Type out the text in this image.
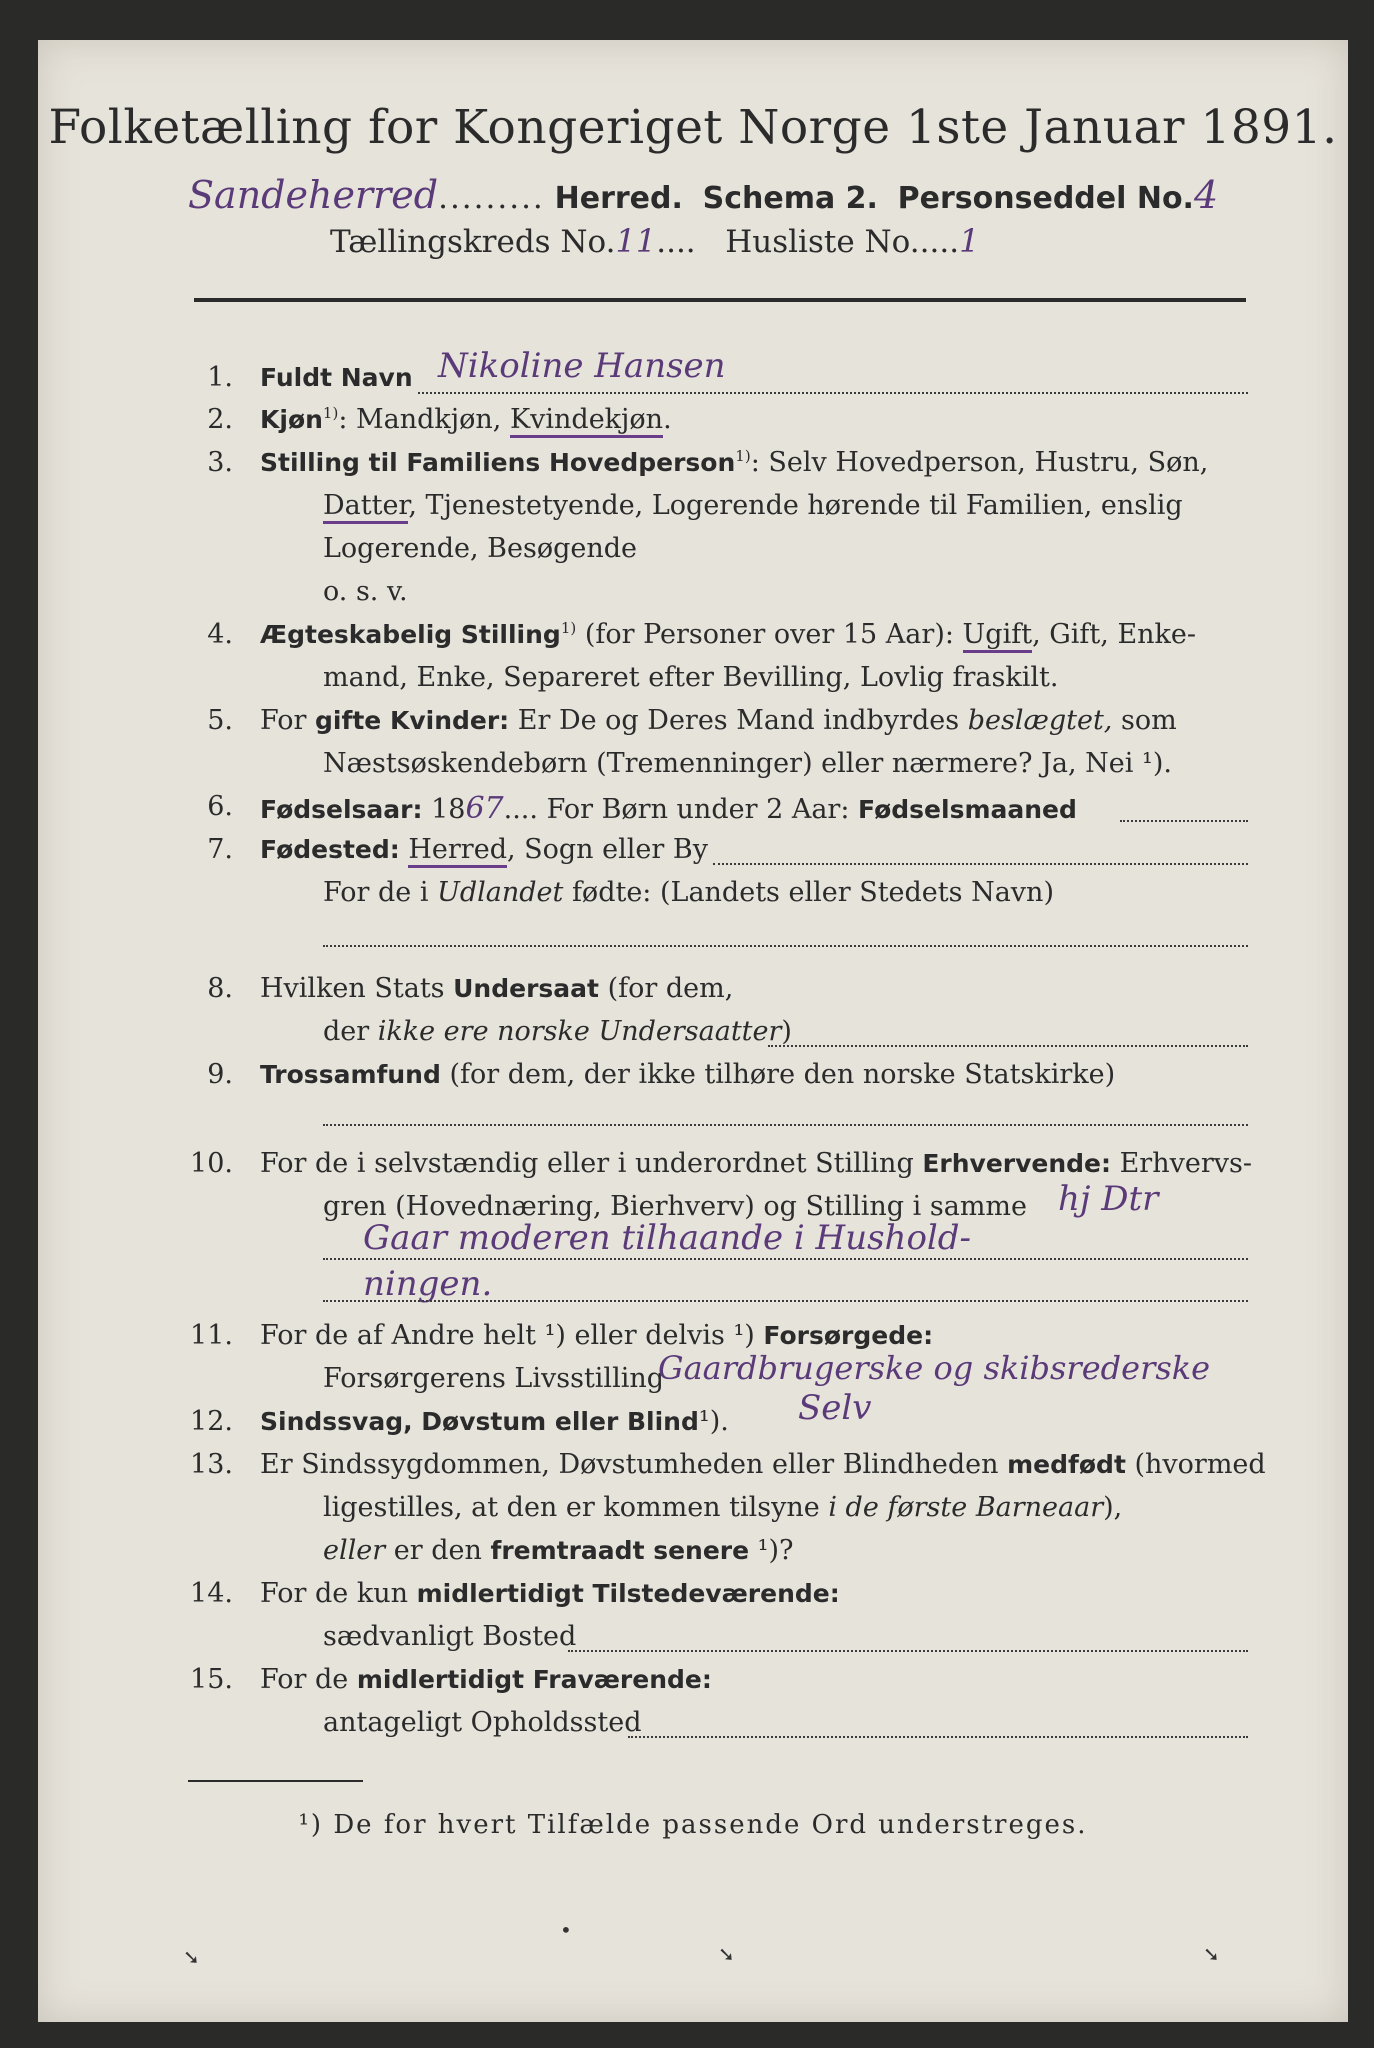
Folketælling for Kongeriget Norge 1ste Januar 1891.
Sandeherred......... Herred. Schema 2. Personseddel No.4
Tællingskreds No.11....   Husliste No.....1
1. Fuldt Navn Nikoline Hansen
2. Kjøn$^{1)}$: Mandkjøn, Kvindekjøn.
3. Stilling til Familiens Hovedperson$^{1)}$: Selv Hovedperson, Hustru, Søn,
Datter, Tjenestetyende, Logerende hørende til Familien, enslig
Logerende, Besøgende
o. s. v.
4. Ægteskabelig Stilling$^{1)}$ (for Personer over 15 Aar): Ugift, Gift, Enke-
mand, Enke, Separeret efter Bevilling, Lovlig fraskilt.
5. For gifte Kvinder: Er De og Deres Mand indbyrdes beslægtet, som
Næstsøskendebørn (Tremenninger) eller nærmere? Ja, Nei ¹).
6. Fødselsaar: 1867.... For Børn under 2 Aar: Fødselsmaaned
7. Fødested: Herred, Sogn eller By
For de i Udlandet fødte: (Landets eller Stedets Navn)
8. Hvilken Stats Undersaat (for dem,
der ikke ere norske Undersaatter)
9. Trossamfund (for dem, der ikke tilhøre den norske Statskirke)
10. For de i selvstændig eller i underordnet Stilling Erhvervende: Erhvervs-
gren (Hovednæring, Bierhverv) og Stilling i samme hj Dtr
Gaar moderen tilhaande i Hushold-
ningen.
11. For de af Andre helt ¹) eller delvis ¹) Forsørgede:
Forsørgerens Livsstilling
Gaardbrugerske og skibsrederske
12. Sindssvag, Døvstum eller Blind¹). Selv
13. Er Sindssygdommen, Døvstumheden eller Blindheden medfødt (hvormed
ligestilles, at den er kommen tilsyne i de første Barneaar),
eller er den fremtraadt senere ¹)?
14. For de kun midlertidigt Tilstedeværende:
sædvanligt Bosted
15. For de midlertidigt Fraværende:
antageligt Opholdssted
¹) De for hvert Tilfælde passende Ord understreges.
➘
•
➘	➘
